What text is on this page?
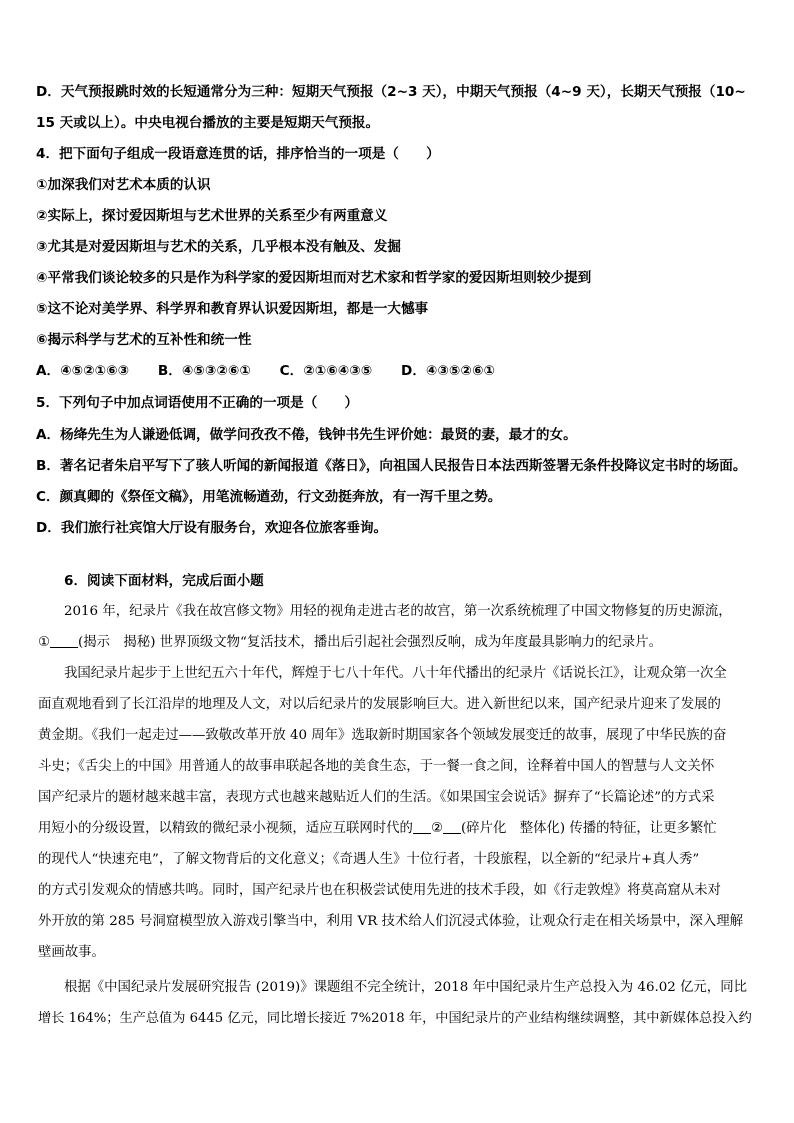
D．天气预报跳时效的长短通常分为三种：短期天气预报（2~3 天），中期天气预报（4~9 天），长期天气预报（10~
15 天或以上）。中央电视台播放的主要是短期天气预报。
4．把下面句子组成一段语意连贯的话，排序恰当的一项是（　　）
①加深我们对艺术本质的认识
②实际上，探讨爱因斯坦与艺术世界的关系至少有两重意义
③尤其是对爱因斯坦与艺术的关系，几乎根本没有触及、发掘
④平常我们谈论较多的只是作为科学家的爱因斯坦而对艺术家和哲学家的爱因斯坦则较少提到
⑤这不论对美学界、科学界和教育界认识爱因斯坦，都是一大憾事
⑥揭示科学与艺术的互补性和统一性
A．④⑤②①⑥③ B．④⑤③②⑥① C．②①⑥④③⑤ D．④③⑤②⑥①
5．下列句子中加点词语使用不正确的一项是（　　）
A．杨绛先生为人谦逊低调，做学问孜孜不倦，钱钟书先生评价她：最贤的妻，最才的女。
B．著名记者朱启平写下了骇人听闻的新闻报道《落日》，向祖国人民报告日本法西斯签署无条件投降议定书时的场面。
C．颜真卿的《祭侄文稿》，用笔流畅遒劲，行文劲挺奔放，有一泻千里之势。
D．我们旅行社宾馆大厅设有服务台，欢迎各位旅客垂询。
6．阅读下面材料，完成后面小题
2016 年，纪录片《我在故宫修文物》用轻的视角走进古老的故宫，第一次系统梳理了中国文物修复的历史源流，
① (揭示　揭秘) 世界顶级文物“复活技术，播出后引起社会强烈反响，成为年度最具影响力的纪录片。
我国纪录片起步于上世纪五六十年代，辉煌于七八十年代。八十年代播出的纪录片《话说长江》，让观众第一次全
面直观地看到了长江沿岸的地理及人文，对以后纪录片的发展影响巨大。进入新世纪以来，国产纪录片迎来了发展的
黄金期。《我们一起走过——致敬改革开放 40 周年》选取新时期国家各个领域发展变迁的故事，展现了中华民族的奋
斗史；《舌尖上的中国》用普通人的故事串联起各地的美食生态，于一餐一食之间，诠释着中国人的智慧与人文关怀
国产纪录片的题材越来越丰富，表现方式也越来越贴近人们的生活。《如果国宝会说话》摒弃了“长篇论述”的方式采
用短小的分级设置，以精致的微纪录小视频，适应互联网时代的 ② (碎片化　整体化) 传播的特征，让更多繁忙
的现代人“快速充电”，了解文物背后的文化意义；《奇遇人生》十位行者，十段旅程，以全新的“纪录片+真人秀”
的方式引发观众的情感共鸣。同时，国产纪录片也在积极尝试使用先进的技术手段，如《行走敦煌》将莫高窟从未对
外开放的第 285 号洞窟模型放入游戏引擎当中，利用 VR 技术给人们沉浸式体验，让观众行走在相关场景中，深入理解
壁画故事。
根据《中国纪录片发展研究报告 (2019)》课题组不完全统计，2018 年中国纪录片生产总投入为 46.02 亿元，同比
增长 164%；生产总值为 6445 亿元，同比增长接近 7%2018 年，中国纪录片的产业结构继续调整，其中新媒体总投入约
